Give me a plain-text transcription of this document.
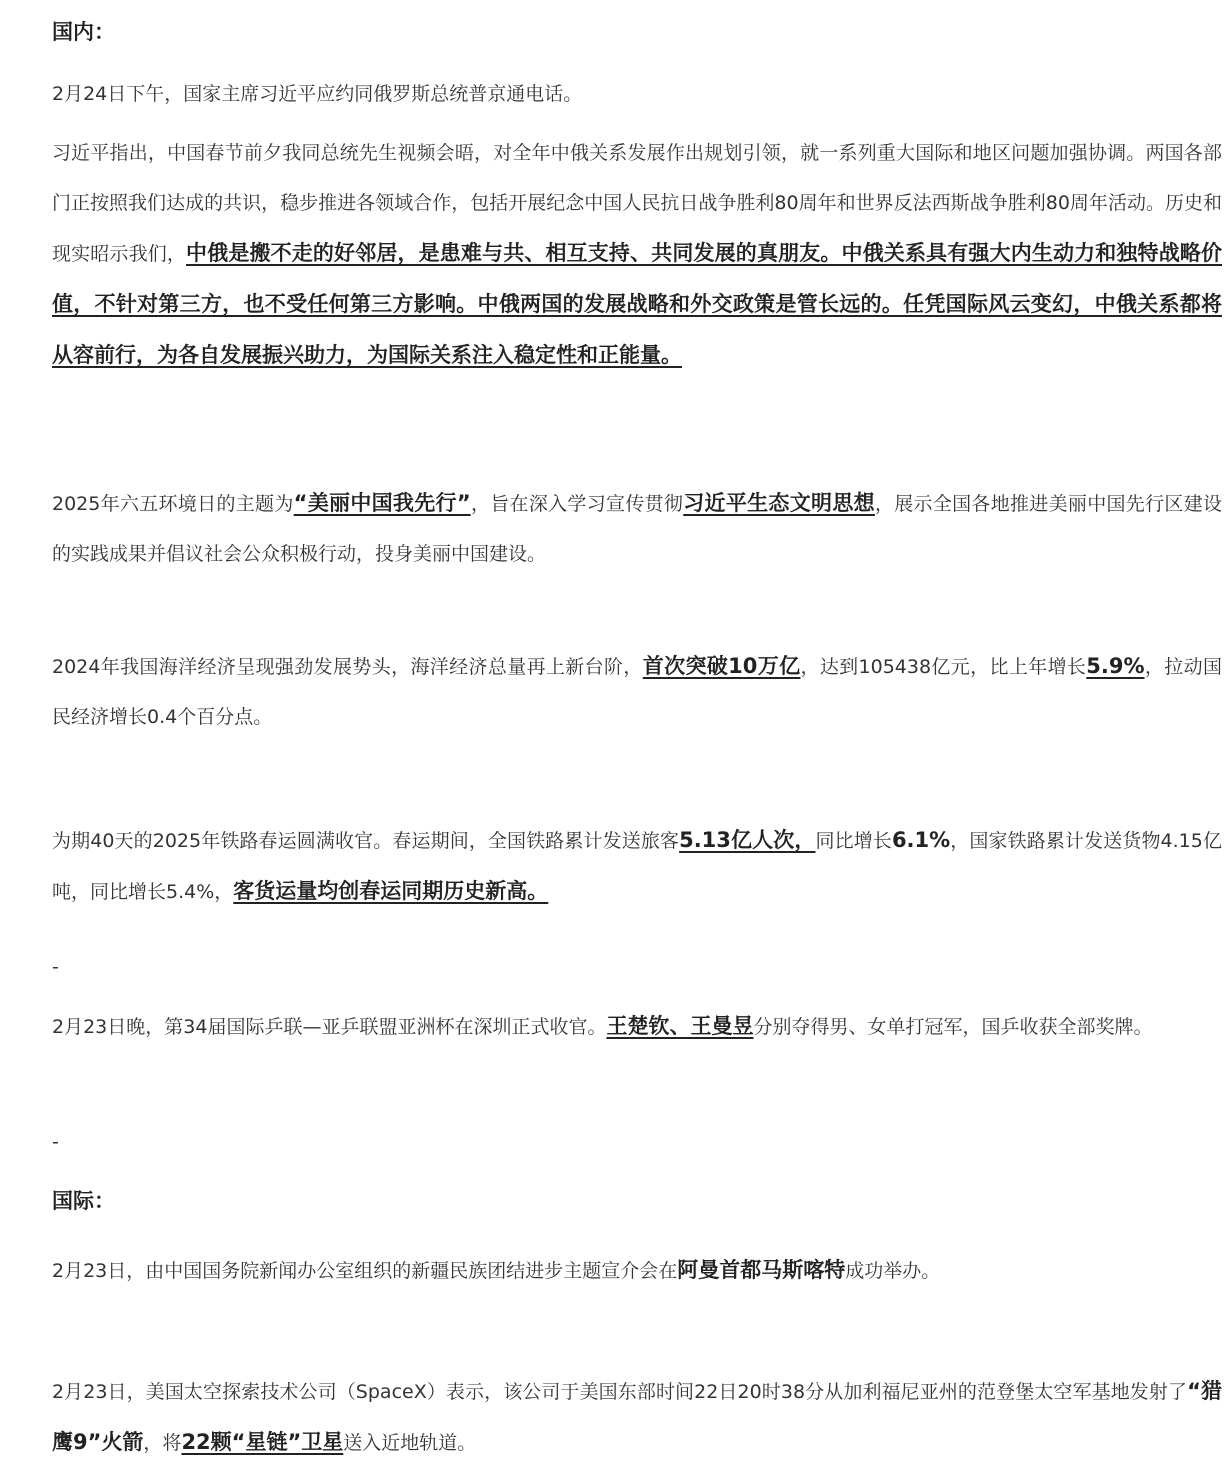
国内：

2月24日下午，国家主席习近平应约同俄罗斯总统普京通电话。

习近平指出，中国春节前夕我同总统先生视频会晤，对全年中俄关系发展作出规划引领，就一系列重大国际和地区问题加强协调。两国各部门正按照我们达成的共识，稳步推进各领域合作，包括开展纪念中国人民抗日战争胜利80周年和世界反法西斯战争胜利80周年活动。历史和现实昭示我们，中俄是搬不走的好邻居，是患难与共、相互支持、共同发展的真朋友。中俄关系具有强大内生动力和独特战略价值，不针对第三方，也不受任何第三方影响。中俄两国的发展战略和外交政策是管长远的。任凭国际风云变幻，中俄关系都将从容前行，为各自发展振兴助力，为国际关系注入稳定性和正能量。

2025年六五环境日的主题为“美丽中国我先行”，旨在深入学习宣传贯彻习近平生态文明思想，展示全国各地推进美丽中国先行区建设的实践成果并倡议社会公众积极行动，投身美丽中国建设。

2024年我国海洋经济呈现强劲发展势头，海洋经济总量再上新台阶，首次突破10万亿，达到105438亿元，比上年增长5.9%，拉动国民经济增长0.4个百分点。

为期40天的2025年铁路春运圆满收官。春运期间，全国铁路累计发送旅客5.13亿人次，同比增长6.1%，国家铁路累计发送货物4.15亿吨，同比增长5.4%，客货运量均创春运同期历史新高。

-

2月23日晚，第34届国际乒联—亚乒联盟亚洲杯在深圳正式收官。王楚钦、王曼昱分别夺得男、女单打冠军，国乒收获全部奖牌。

-
国际：

2月23日，由中国国务院新闻办公室组织的新疆民族团结进步主题宣介会在阿曼首都马斯喀特成功举办。

2月23日，美国太空探索技术公司（SpaceX）表示，该公司于美国东部时间22日20时38分从加利福尼亚州的范登堡太空军基地发射了“猎鹰9”火箭，将22颗“星链”卫星送入近地轨道。
